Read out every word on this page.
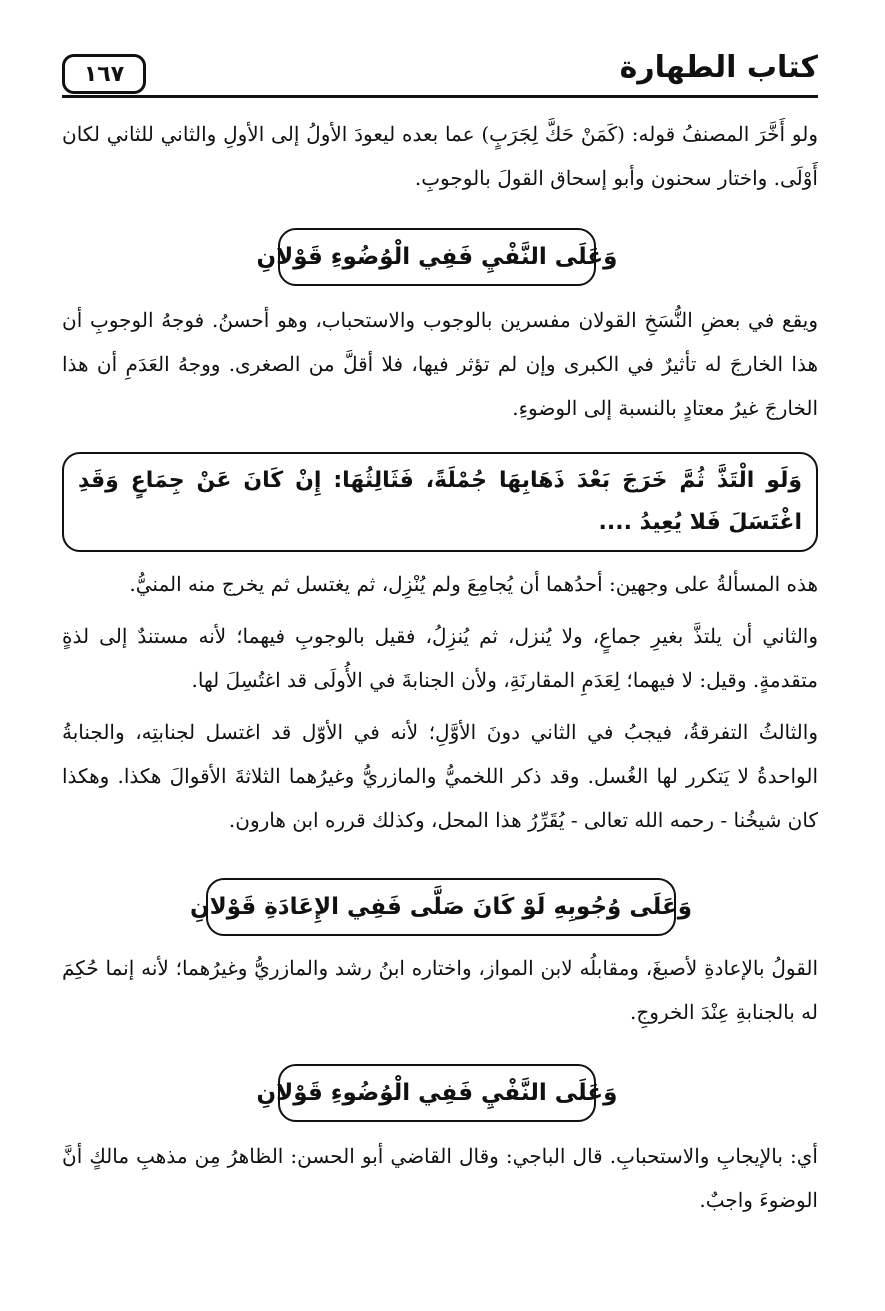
١٦٧	كتاب الطهارة
ولو أَخَّرَ المصنفُ قوله: (كَمَنْ حَكَّ لِجَرَبٍ) عما بعده ليعودَ الأولُ إلى الأولِ والثاني للثاني لكان أَوْلَى. واختار سحنون وأبو إسحاق القولَ بالوجوبِ.
وَعَلَى النَّفْيِ فَفِي الْوُضُوءِ قَوْلانِ
ويقع في بعضِ النُّسَخِ القولان مفسرين بالوجوب والاستحباب، وهو أحسنُ. فوجهُ الوجوبِ أن هذا الخارجَ له تأثيرٌ في الكبرى وإن لم تؤثر فيها، فلا أقلَّ من الصغرى. ووجهُ العَدَمِ أن هذا الخارجَ غيرُ معتادٍ بالنسبة إلى الوضوءِ.
وَلَو الْتَذَّ ثُمَّ خَرَجَ بَعْدَ ذَهَابِهَا جُمْلَةً، فَثَالِثُهَا: إِنْ كَانَ عَنْ جِمَاعٍ وَقَدِ اغْتَسَلَ فَلا يُعِيدُ ....
هذه المسألةُ على وجهين: أحدُهما أن يُجامِعَ ولم يُنْزِل، ثم يغتسل ثم يخرج منه المنيُّ.
والثاني أن يلتذَّ بغيرِ جماعٍ، ولا يُنزل، ثم يُنزِلُ، فقيل بالوجوبِ فيهما؛ لأنه مستندٌ إلى لذةٍ متقدمةٍ. وقيل: لا فيهما؛ لِعَدَمِ المقارنَةِ، ولأن الجنابةَ في الأُولَى قد اغتُسِلَ لها.
والثالثُ التفرقةُ، فيجبُ في الثاني دونَ الأوَّلِ؛ لأنه في الأوّل قد اغتسل لجنابتِه، والجنابةُ الواحدةُ لا يَتكرر لها الغُسل. وقد ذكر اللخميُّ والمازريُّ وغيرُهما الثلاثةَ الأقوالَ هكذا. وهكذا كان شيخُنا - رحمه الله تعالى - يُقَرِّرُ هذا المحل، وكذلك قرره ابن هارون.
وَعَلَى وُجُوبِهِ لَوْ كَانَ صَلَّى فَفِي الإِعَادَةِ قَوْلانِ
القولُ بالإعادةِ لأصبغَ، ومقابلُه لابن المواز، واختاره ابنُ رشد والمازريُّ وغيرُهما؛ لأنه إنما حُكِمَ له بالجنابةِ عِنْدَ الخروجِ.
وَعَلَى النَّفْيِ فَفِي الْوُضُوءِ قَوْلانِ
أي: بالإيجابِ والاستحبابِ. قال الباجي: وقال القاضي أبو الحسن: الظاهرُ مِن مذهبِ مالكٍ أنَّ الوضوءَ واجبٌ.
